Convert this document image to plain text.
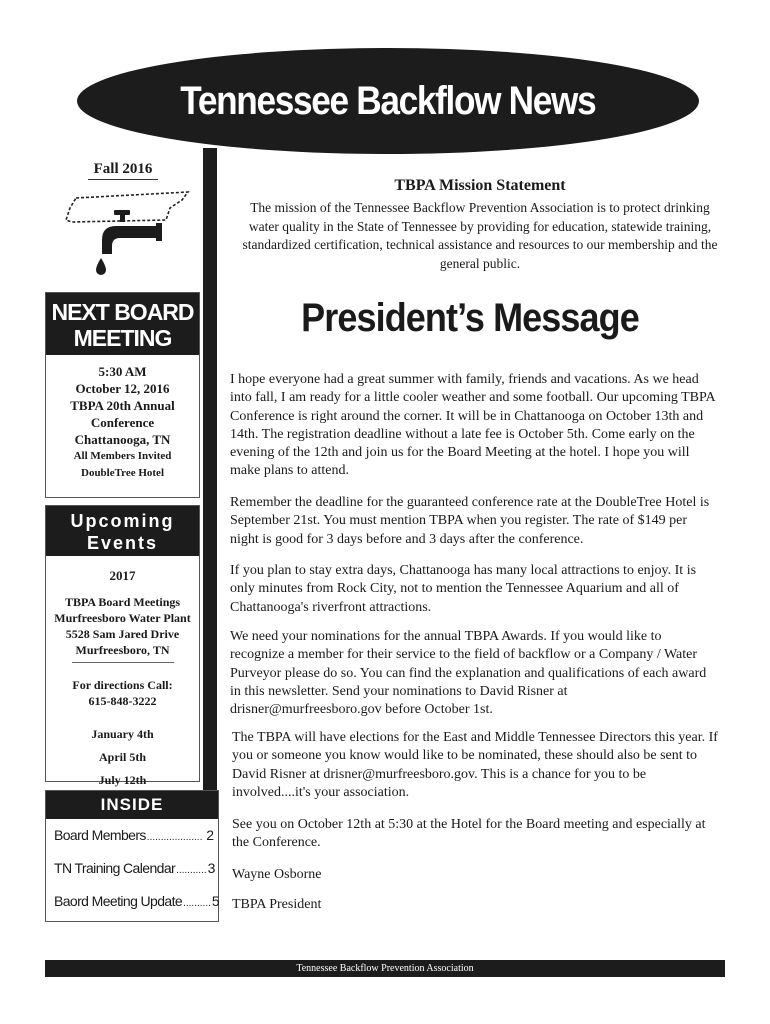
Tennessee Backflow News
Fall 2016
NEXT BOARD
MEETING
5:30 AM
October 12, 2016
TBPA 20th Annual
Conference
Chattanooga, TN
All Members Invited
DoubleTree Hotel
Upcoming
Events
2017
TBPA Board Meetings
Murfreesboro Water Plant
5528 Sam Jared Drive
Murfreesboro, TN
For directions Call:
615-848-3222
January 4th
April 5th
July 12th
INSIDE
Board Members .................... 2
TN Training Calendar ........... 3
Baord Meeting Update .......... 5
TBPA Mission Statement
The mission of the Tennessee Backflow Prevention Association is to protect drinking water quality in the State of Tennessee by providing for education, statewide training, standardized certification, technical assistance and resources to our membership and the general public.
President’s Message
I hope everyone had a great summer with family, friends and vacations. As we head into fall, I am ready for a little cooler weather and some football. Our upcoming TBPA Conference is right around the corner. It will be in Chattanooga on October 13th and 14th. The registration deadline without a late fee is October 5th. Come early on the evening of the 12th and join us for the Board Meeting at the hotel. I hope you will make plans to attend.
Remember the deadline for the guaranteed conference rate at the DoubleTree Hotel is September 21st. You must mention TBPA when you register. The rate of $149 per night is good for 3 days before and 3 days after the conference.
If you plan to stay extra days, Chattanooga has many local attractions to enjoy. It is only minutes from Rock City, not to mention the Tennessee Aquarium and all of Chattanooga's riverfront attractions.
We need your nominations for the annual TBPA Awards. If you would like to recognize a member for their service to the field of backflow or a Company / Water Purveyor please do so. You can find the explanation and qualifications of each award in this newsletter. Send your nominations to David Risner at drisner@murfreesboro.gov before October 1st.
The TBPA will have elections for the East and Middle Tennessee Directors this year. If you or someone you know would like to be nominated, these should also be sent to David Risner at drisner@murfreesboro.gov. This is a chance for you to be involved....it's your association.
See you on October 12th at 5:30 at the Hotel for the Board meeting and especially at the Conference.
Wayne Osborne
TBPA President
Tennessee Backflow Prevention Association
